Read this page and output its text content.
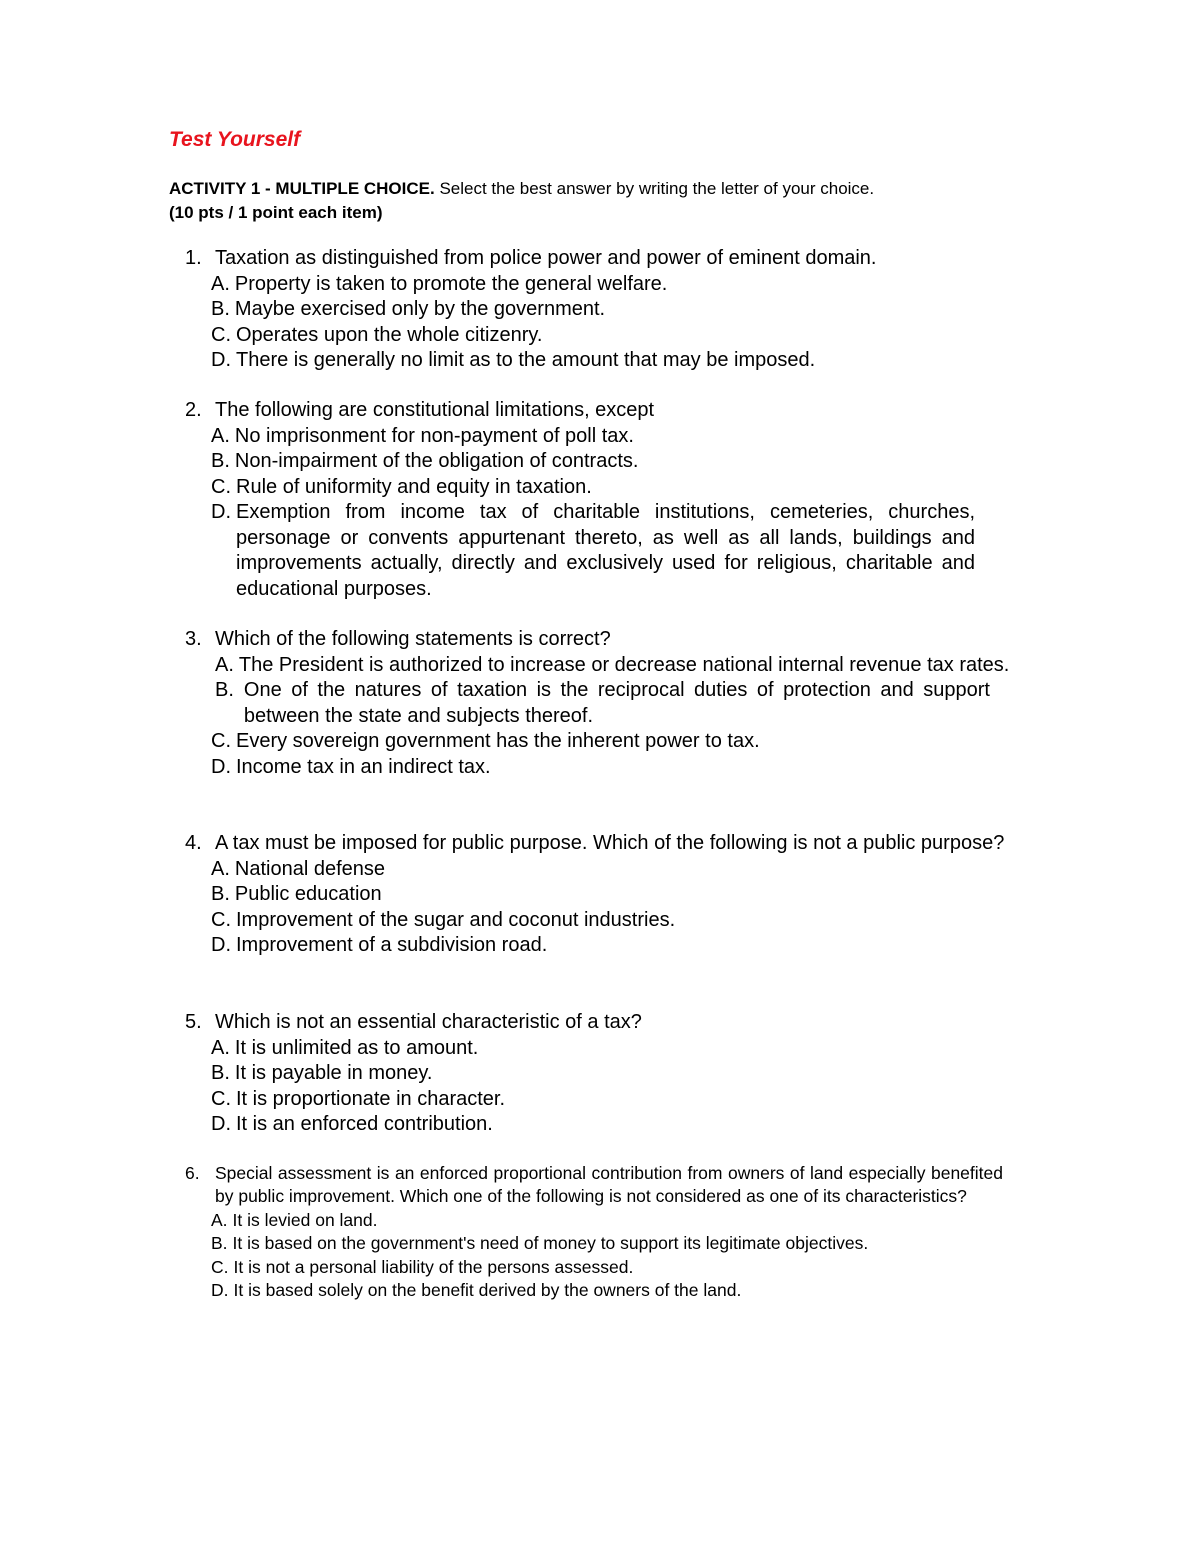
Test Yourself
ACTIVITY 1 - MULTIPLE CHOICE. Select the best answer by writing the letter of your choice.
(10 pts / 1 point each item)
1. Taxation as distinguished from police power and power of eminent domain.
A. Property is taken to promote the general welfare.
B. Maybe exercised only by the government.
C. Operates upon the whole citizenry.
D. There is generally no limit as to the amount that may be imposed.
2. The following are constitutional limitations, except
A. No imprisonment for non-payment of poll tax.
B. Non-impairment of the obligation of contracts.
C. Rule of uniformity and equity in taxation.
D. Exemption from income tax of charitable institutions, cemeteries, churches, personage or convents appurtenant thereto, as well as all lands, buildings and improvements actually, directly and exclusively used for religious, charitable and educational purposes.
3. Which of the following statements is correct?
A. The President is authorized to increase or decrease national internal revenue tax rates.
B. One of the natures of taxation is the reciprocal duties of protection and support between the state and subjects thereof.
C. Every sovereign government has the inherent power to tax.
D. Income tax in an indirect tax.
4. A tax must be imposed for public purpose. Which of the following is not a public purpose?
A. National defense
B. Public education
C. Improvement of the sugar and coconut industries.
D. Improvement of a subdivision road.
5. Which is not an essential characteristic of a tax?
A. It is unlimited as to amount.
B. It is payable in money.
C. It is proportionate in character.
D. It is an enforced contribution.
6. Special assessment is an enforced proportional contribution from owners of land especially benefited by public improvement. Which one of the following is not considered as one of its characteristics?
A. It is levied on land.
B. It is based on the government's need of money to support its legitimate objectives.
C. It is not a personal liability of the persons assessed.
D. It is based solely on the benefit derived by the owners of the land.
